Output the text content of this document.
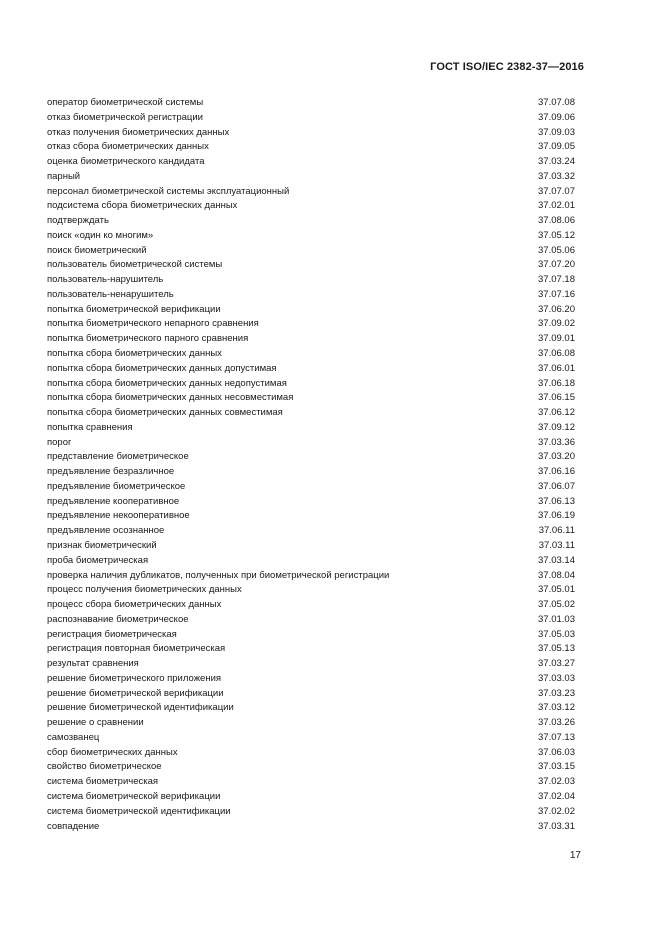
ГОСТ ISO/IEC 2382-37—2016
оператор биометрической системы	37.07.08
отказ биометрической регистрации	37.09.06
отказ получения биометрических данных	37.09.03
отказ сбора биометрических данных	37.09.05
оценка биометрического кандидата	37.03.24
парный	37.03.32
персонал биометрической системы эксплуатационный	37.07.07
подсистема сбора биометрических данных	37.02.01
подтверждать	37.08.06
поиск «один ко многим»	37.05.12
поиск биометрический	37.05.06
пользователь биометрической системы	37.07.20
пользователь-нарушитель	37.07.18
пользователь-ненарушитель	37.07.16
попытка биометрической верификации	37.06.20
попытка биометрического непарного сравнения	37.09.02
попытка биометрического парного сравнения	37.09.01
попытка сбора биометрических данных	37.06.08
попытка сбора биометрических данных допустимая	37.06.01
попытка сбора биометрических данных недопустимая	37.06.18
попытка сбора биометрических данных несовместимая	37.06.15
попытка сбора биометрических данных совместимая	37.06.12
попытка сравнения	37.09.12
порог	37.03.36
представление биометрическое	37.03.20
предъявление безразличное	37.06.16
предъявление биометрическое	37.06.07
предъявление кооперативное	37.06.13
предъявление некооперативное	37.06.19
предъявление осознанное	37.06.11
признак биометрический	37.03.11
проба биометрическая	37.03.14
проверка наличия дубликатов, полученных при биометрической регистрации	37.08.04
процесс получения биометрических данных	37.05.01
процесс сбора биометрических данных	37.05.02
распознавание биометрическое	37.01.03
регистрация биометрическая	37.05.03
регистрация повторная биометрическая	37.05.13
результат сравнения	37.03.27
решение биометрического приложения	37.03.03
решение биометрической верификации	37.03.23
решение биометрической идентификации	37.03.12
решение о сравнении	37.03.26
самозванец	37.07.13
сбор биометрических данных	37.06.03
свойство биометрическое	37.03.15
система биометрическая	37.02.03
система биометрической верификации	37.02.04
система биометрической идентификации	37.02.02
совпадение	37.03.31
17
